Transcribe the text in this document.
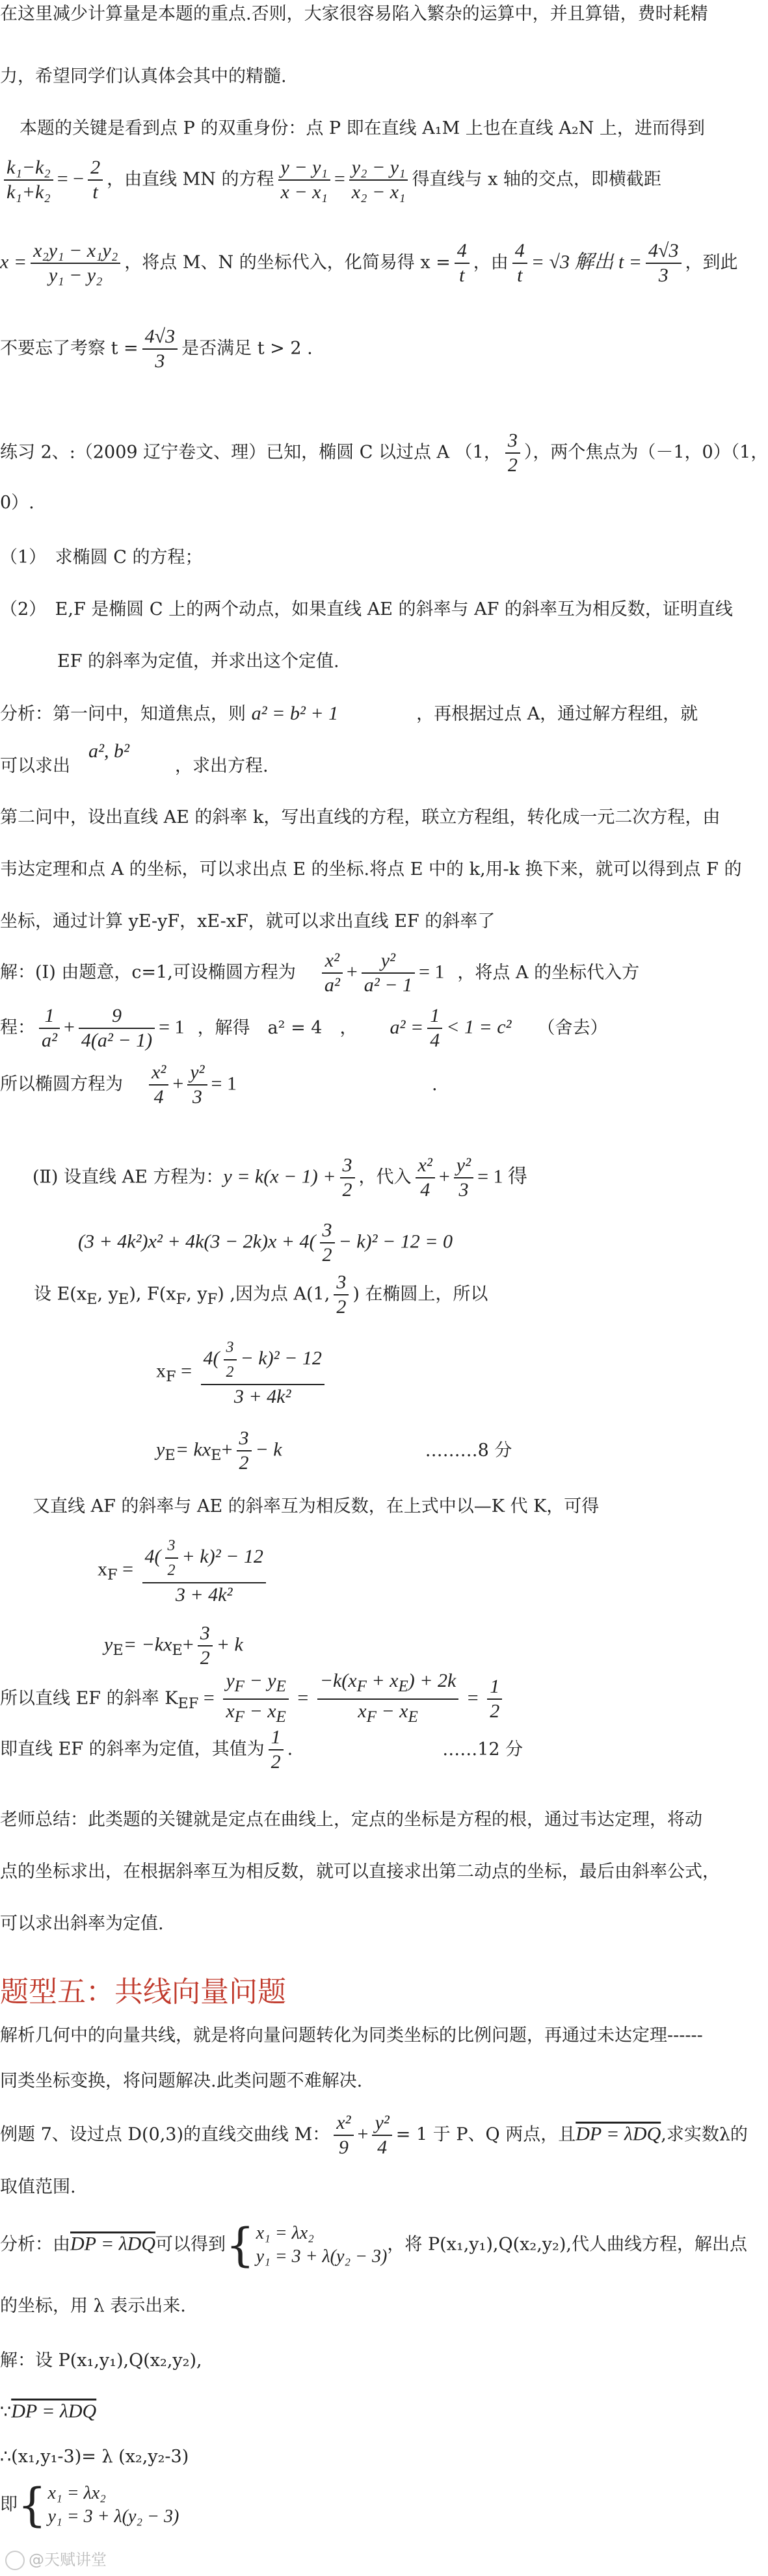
在这里减少计算量是本题的重点.否则，大家很容易陷入繁杂的运算中，并且算错，费时耗精
力，希望同学们认真体会其中的精髓.
本题的关键是看到点 P 的双重身份：点 P 即在直线 A₁M 上也在直线 A₂N 上，进而得到
$\frac{\text{k₁−k₂}}{\text{k₁+k₂}}$ = − $\frac{2}{t}$ ，由直线 MN 的方程 $\frac{\text{y − y₁}}{\text{x − x₁}} = \frac{\text{y₂ − y₁}}{\text{x₂ − x₁}}$ 得直线与 x 轴的交点，即横截距
$x = \frac{\text{x₂y₁ − x₁y₂}}{\text{y₁ − y₂}}$ ，将点 M、N 的坐标代入，化简易得 $x = \frac{4}{t}$ ，由 $\frac{4}{t} = √3$ 解出 $t = \frac{4√3}{3}$ ，到此
不要忘了考察 $t = \frac{4√3}{3}$ 是否满足 t > 2 .
练习 2、:（2009 辽宁卷文、理）已知，椭圆 C 以过点 A （1， $\frac{3}{2}$ ），两个焦点为（－1，0）（1，
0）.
（1）　求椭圆 C 的方程；
（2）　E,F 是椭圆 C 上的两个动点，如果直线 AE 的斜率与 AF 的斜率互为相反数，证明直线
EF 的斜率为定值，并求出这个定值.
分析：第一问中，知道焦点，则 a² = b² + 1	，再根据过点 A，通过解方程组，就
可以求出a², b²，求出方程.
第二问中，设出直线 AE 的斜率 k，写出直线的方程，联立方程组，转化成一元二次方程，由
韦达定理和点 A 的坐标，可以求出点 E 的坐标.将点 E 中的 k,用-k 换下来，就可以得到点 F 的
坐标，通过计算 yE-yF，xE-xF，就可以求出直线 EF 的斜率了
解：(Ⅰ) 由题意，c=1,可设椭圆方程为 $\frac{\text{x²}}{\text{a²}} + \frac{\text{y²}}{\text{a² − 1}} = 1$ ，将点 A 的坐标代入方
程： $\frac{1}{\text{a²}} + \frac{9}{\text{4(a² − 1)}} = 1$ ，解得　a² = 4　， $a^2 = \frac{1}{4} < 1 = c^2$ （舍去）
所以椭圆方程为 $\frac{\text{x²}}{4} + \frac{\text{y²}}{3} = 1$	.
(Ⅱ) 设直线 AE 方程为：$y = k(x - 1) + \frac{3}{2}$ ，代入 $\frac{\text{x²}}{4} + \frac{\text{y²}}{3} = 1$ 得
$(3 + 4k^2)x^2 + 4k(3 - 2k)x + 4( \frac{3}{2} - k)^2 - 12 = 0$
设 $E(x_E$, $y_E$), $F(x_F$, $y_F$) ,因为点 A(1, $\frac{3}{2}$ ) 在椭圆上，所以
$x_F = \frac{4( \frac{3}{2} - k)^2 - 12}{\text{3 + 4k²}}$
$y_E= kx_E+ \frac{3}{2} - k$	………8 分
又直线 AF 的斜率与 AE 的斜率互为相反数，在上式中以—K 代 K，可得
$x_F = \frac{4( \frac{3}{2} + k)^2 - 12}{\text{3 + 4k²}}$
$y_E= -kx_E+ \frac{3}{2} + k$
所以直线 EF 的斜率 $K_{EF} = \frac{y_F - y_E}{x_F - x_E} = \frac{-k(x_F + x_E) + 2k}{x_F - x_E} = \frac{1}{2}$
即直线 EF 的斜率为定值，其值为 $\frac{1}{2}$ .	……12 分
老师总结：此类题的关键就是定点在曲线上，定点的坐标是方程的根，通过韦达定理，将动
点的坐标求出，在根据斜率互为相反数，就可以直接求出第二动点的坐标，最后由斜率公式，
可以求出斜率为定值.
题型五：共线向量问题
解析几何中的向量共线，就是将向量问题转化为同类坐标的比例问题，再通过未达定理------
同类坐标变换，将问题解决.此类问题不难解决.
例题 7、设过点 D(0,3)的直线交曲线 M： $\frac{\text{x²}}{9} + \frac{\text{y²}}{4} = 1$ 于 P、Q 两点，且DP = λDQ,求实数λ的
取值范围.
分析：由DP = λDQ可以得到{ x₁ = λx₂
y₁ = 3 + λ(y₂ − 3)
，将 P(x₁,y₁),Q(x₂,y₂),代人曲线方程，解出点
的坐标，用 λ 表示出来.
解：设 P(x₁,y₁),Q(x₂,y₂),
∵DP = λDQ
∴(x₁,y₁-3)= λ (x₂,y₂-3)
即{ x₁ = λx₂
y₁ = 3 + λ(y₂ − 3)
@天赋讲堂
